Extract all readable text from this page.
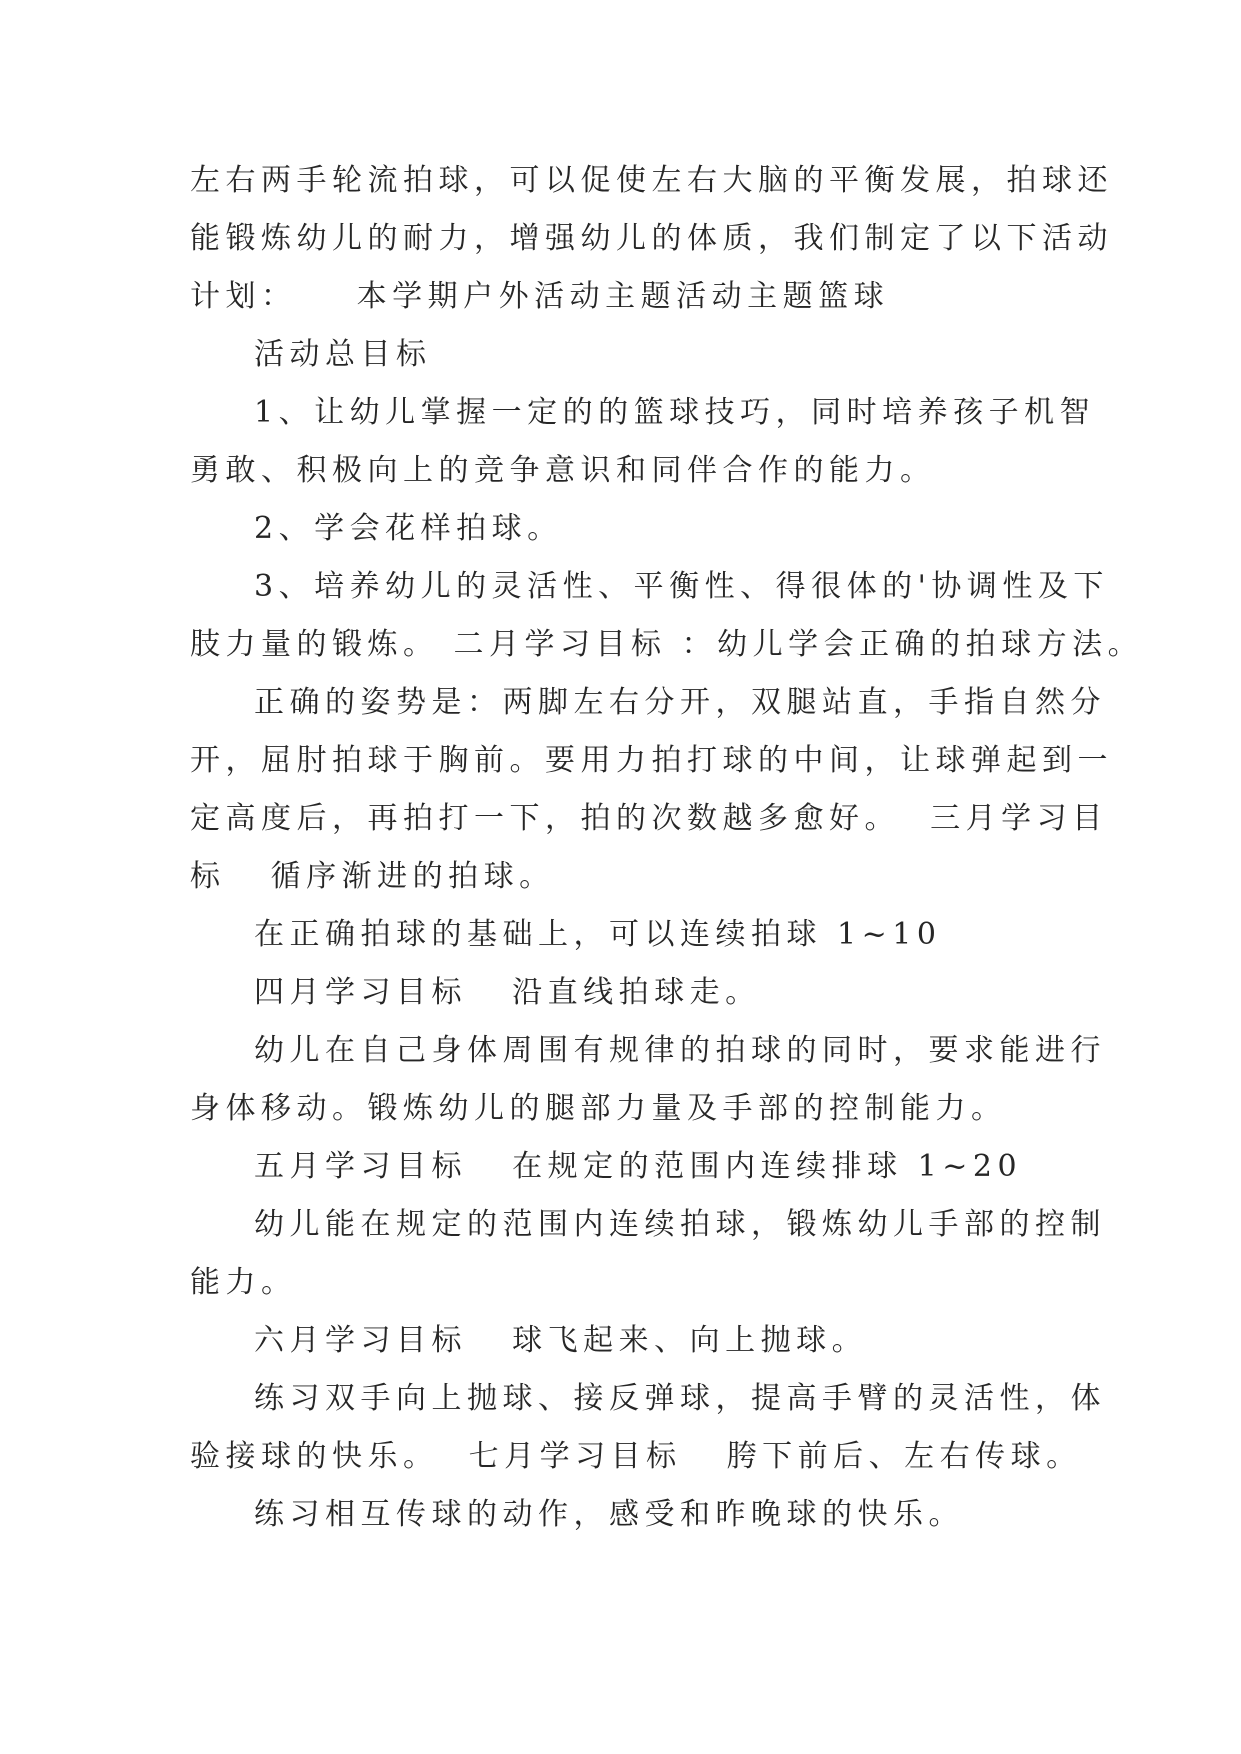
左右两手轮流拍球，可以促使左右大脑的平衡发展，拍球还
能锻炼幼儿的耐力，增强幼儿的体质，我们制定了以下活动
计划：    本学期户外活动主题活动主题篮球
活动总目标
1、让幼儿掌握一定的的篮球技巧，同时培养孩子机智
勇敢、积极向上的竞争意识和同伴合作的能力。
2、学会花样拍球。
3、培养幼儿的灵活性、平衡性、得很体的'协调性及下
肢力量的锻炼。 二月学习目标 ：幼儿学会正确的拍球方法。
正确的姿势是：两脚左右分开，双腿站直，手指自然分
开，屈肘拍球于胸前。要用力拍打球的中间，让球弹起到一
定高度后，再拍打一下，拍的次数越多愈好。  三月学习目
标   循序渐进的拍球。
在正确拍球的基础上，可以连续拍球 1~10
四月学习目标   沿直线拍球走。
幼儿在自己身体周围有规律的拍球的同时，要求能进行
身体移动。锻炼幼儿的腿部力量及手部的控制能力。
五月学习目标   在规定的范围内连续排球 1~20
幼儿能在规定的范围内连续拍球，锻炼幼儿手部的控制
能力。
六月学习目标   球飞起来、向上抛球。
练习双手向上抛球、接反弹球，提高手臂的灵活性，体
验接球的快乐。  七月学习目标   胯下前后、左右传球。
练习相互传球的动作，感受和昨晚球的快乐。
